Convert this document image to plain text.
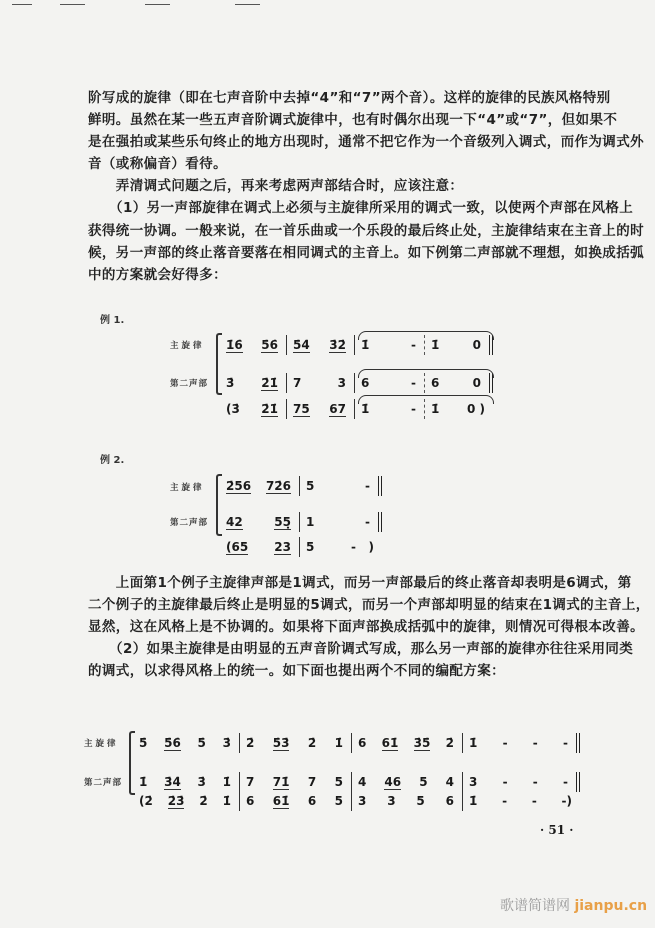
阶写成的旋律（即在七声音阶中去掉“4”和“7”两个音）。这样的旋律的民族风格特别
鲜明。虽然在某一些五声音阶调式旋律中，也有时偶尔出现一下“4”或“7”，但如果不
是在强拍或某些乐句终止的地方出现时，通常不把它作为一个音级列入调式，而作为调式外
音（或称偏音）看待。
　　弄清调式问题之后，再来考虑两声部结合时，应该注意：
　　（1）另一声部旋律在调式上必须与主旋律所采用的调式一致，以使两个声部在风格上
获得统一协调。一般来说，在一首乐曲或一个乐段的最后终止处，主旋律结束在主音上的时
候，另一声部的终止落音要落在相同调式的主音上。如下例第二声部就不理想，如换成括弧
中的方案就会好得多：
例 1.
主旋律
第二声部
1̇6̇ 5̇6̇ 5̇4̇ 3̇2̇ 1̇	- 1̇	0
3̇ 2̇1̇ 7	3 6	- 6	0
(3̇ 2̇1̇ 75 67 1̇	- 1̇ 0 )
例 2.
主旋律
第二声部
2̇56 72̇6 5	-
42	55̣ 1	-
(65 23 5	-   )
　　上面第1个例子主旋律声部是1调式，而另一声部最后的终止落音却表明是6调式，第
二个例子的主旋律最后终止是明显的5调式，而另一个声部却明显的结束在1调式的主音上，
显然，这在风格上是不协调的。如果将下面声部换成括弧中的旋律，则情况可得根本改善。
　　（2）如果主旋律是由明显的五声音阶调式写成，那么另一声部的旋律亦往往采用同类
的调式，以求得风格上的统一。如下面也提出两个不同的编配方案：
主旋律
第二声部
5̇ 5̇6̇ 5̇ 3̇ 2̇ 5̇3̇ 2̇ 1̇ 6 61̇ 3̇5̇ 2̇ 1̇ - - -
1̇ 3̇4̇ 3̇ 1̇ 7 71̇ 7 5 4 46 5 4 3 - - -
(2̇ 2̇3̇ 2̇ 1̇ 6 61̇ 6 5 3 3 5 6 1̇ - - -)
· 51 ·
歌谱简谱网 jianpu.cn
